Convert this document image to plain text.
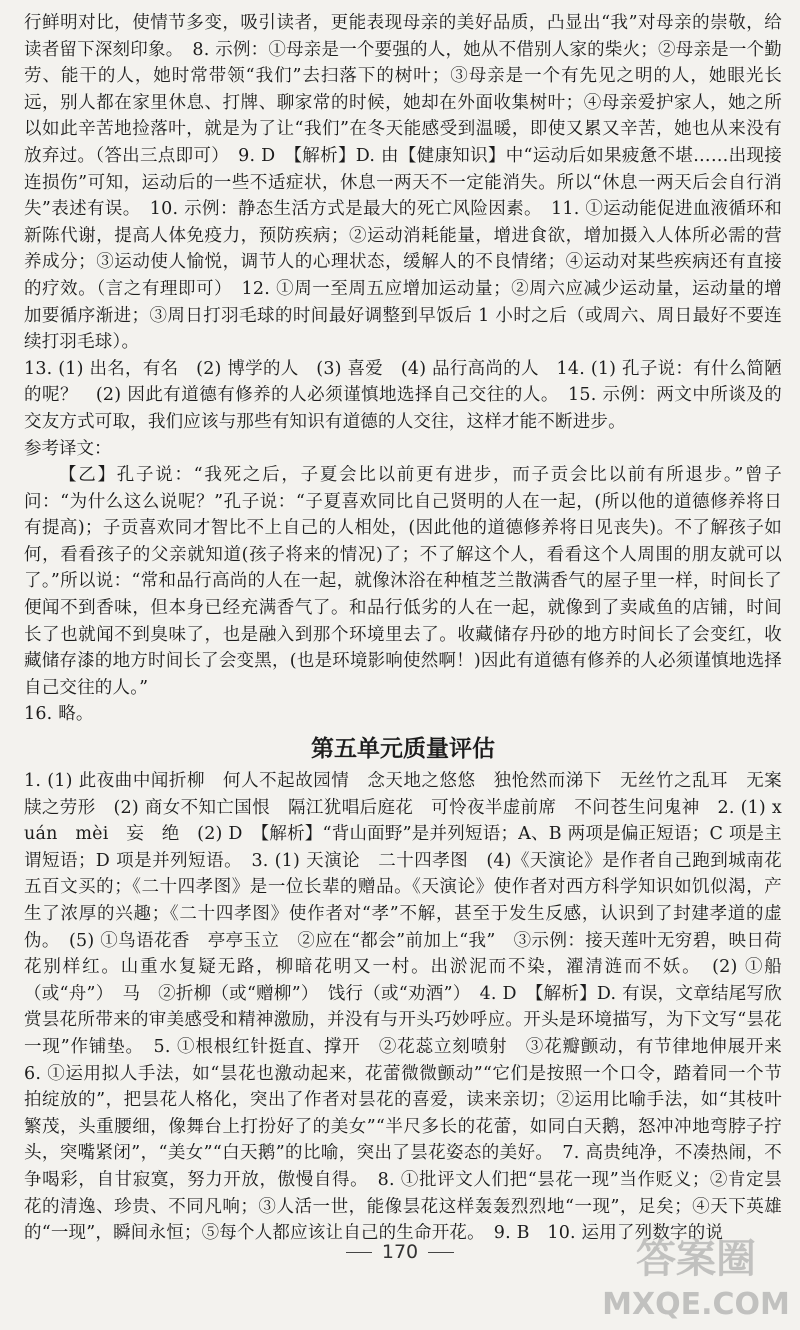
行鲜明对比，使情节多变，吸引读者，更能表现母亲的美好品质，凸显出“我”对母亲的崇敬，给读者留下深刻印象。　8. 示例：①母亲是一个要强的人，她从不借别人家的柴火；②母亲是一个勤劳、能干的人，她时常带领“我们”去扫落下的树叶；③母亲是一个有先见之明的人，她眼光长远，别人都在家里休息、打牌、聊家常的时候，她却在外面收集树叶；④母亲爱护家人，她之所以如此辛苦地捡落叶，就是为了让“我们”在冬天能感受到温暖，即使又累又辛苦，她也从来没有放弃过。（答出三点即可）　9. D　【解析】D. 由【健康知识】中“运动后如果疲惫不堪……出现接连损伤”可知，运动后的一些不适症状，休息一两天不一定能消失。所以“休息一两天后会自行消失”表述有误。　10. 示例：静态生活方式是最大的死亡风险因素。　11. ①运动能促进血液循环和新陈代谢，提高人体免疫力，预防疾病；②运动消耗能量，增进食欲，增加摄入人体所必需的营养成分；③运动使人愉悦，调节人的心理状态，缓解人的不良情绪；④运动对某些疾病还有直接的疗效。（言之有理即可）　12. ①周一至周五应增加运动量；②周六应减少运动量，运动量的增加要循序渐进；③周日打羽毛球的时间最好调整到早饭后 1 小时之后（或周六、周日最好不要连续打羽毛球）。

13. (1) 出名，有名　(2) 博学的人　(3) 喜爱　(4) 品行高尚的人　14. (1) 孔子说：有什么简陋的呢？　(2) 因此有道德有修养的人必须谨慎地选择自己交往的人。　15. 示例：两文中所谈及的交友方式可取，我们应该与那些有知识有道德的人交往，这样才能不断进步。

参考译文：

【乙】孔子说：“我死之后，子夏会比以前更有进步，而子贡会比以前有所退步。”曾子问：“为什么这么说呢？”孔子说：“子夏喜欢同比自己贤明的人在一起，(所以他的道德修养将日有提高)；子贡喜欢同才智比不上自己的人相处，(因此他的道德修养将日见丧失)。不了解孩子如何，看看孩子的父亲就知道(孩子将来的情况)了；不了解这个人，看看这个人周围的朋友就可以了。”所以说：“常和品行高尚的人在一起，就像沐浴在种植芝兰散满香气的屋子里一样，时间长了便闻不到香味，但本身已经充满香气了。和品行低劣的人在一起，就像到了卖咸鱼的店铺，时间长了也就闻不到臭味了，也是融入到那个环境里去了。收藏储存丹砂的地方时间长了会变红，收藏储存漆的地方时间长了会变黑，(也是环境影响使然啊！)因此有道德有修养的人必须谨慎地选择自己交往的人。”

16. 略。

第五单元质量评估

1. (1) 此夜曲中闻折柳　何人不起故园情　念天地之悠悠　独怆然而涕下　无丝竹之乱耳　无案牍之劳形　(2) 商女不知亡国恨　隔江犹唱后庭花　可怜夜半虚前席　不问苍生问鬼神　2. (1) xuán　mèi　妄　绝　(2) D　【解析】“背山面野”是并列短语；A、B 两项是偏正短语；C 项是主谓短语；D 项是并列短语。　3. (1) 天演论　二十四孝图　(4)《天演论》是作者自己跑到城南花五百文买的；《二十四孝图》是一位长辈的赠品。《天演论》使作者对西方科学知识如饥似渴，产生了浓厚的兴趣；《二十四孝图》使作者对“孝”不解，甚至于发生反感，认识到了封建孝道的虚伪。　(5) ①鸟语花香　亭亭玉立　②应在“都会”前加上“我”　③示例：接天莲叶无穷碧，映日荷花别样红。山重水复疑无路，柳暗花明又一村。出淤泥而不染，濯清涟而不妖。　(2) ①船（或“舟”）　马　②折柳（或“赠柳”）　饯行（或“劝酒”）　4. D　【解析】D. 有误，文章结尾写欣赏昙花所带来的审美感受和精神激励，并没有与开头巧妙呼应。开头是环境描写，为下文写“昙花一现”作铺垫。　5. ①根根红针挺直、撑开　②花蕊立刻喷射　③花瓣颤动，有节律地伸展开来　6. ①运用拟人手法，如“昙花也激动起来，花蕾微微颤动”“它们是按照一个口令，踏着同一个节拍绽放的”，把昙花人格化，突出了作者对昙花的喜爱，读来亲切；②运用比喻手法，如“其枝叶繁茂，头重腰细，像舞台上打扮好了的美女”“半尺多长的花蕾，如同白天鹅，怒冲冲地弯脖子拧头，突嘴紧闭”，“美女”“白天鹅”的比喻，突出了昙花姿态的美好。　7. 高贵纯净，不凑热闹，不争喝彩，自甘寂寞，努力开放，傲慢自得。　8. ①批评文人们把“昙花一现”当作贬义；②肯定昙花的清逸、珍贵、不同凡响；③人活一世，能像昙花这样轰轰烈烈地“一现”，足矣；④天下英雄的“一现”，瞬间永恒；⑤每个人都应该让自己的生命开花。　9. B　10. 运用了列数字的说

170	答案圈
MXQE.COM
